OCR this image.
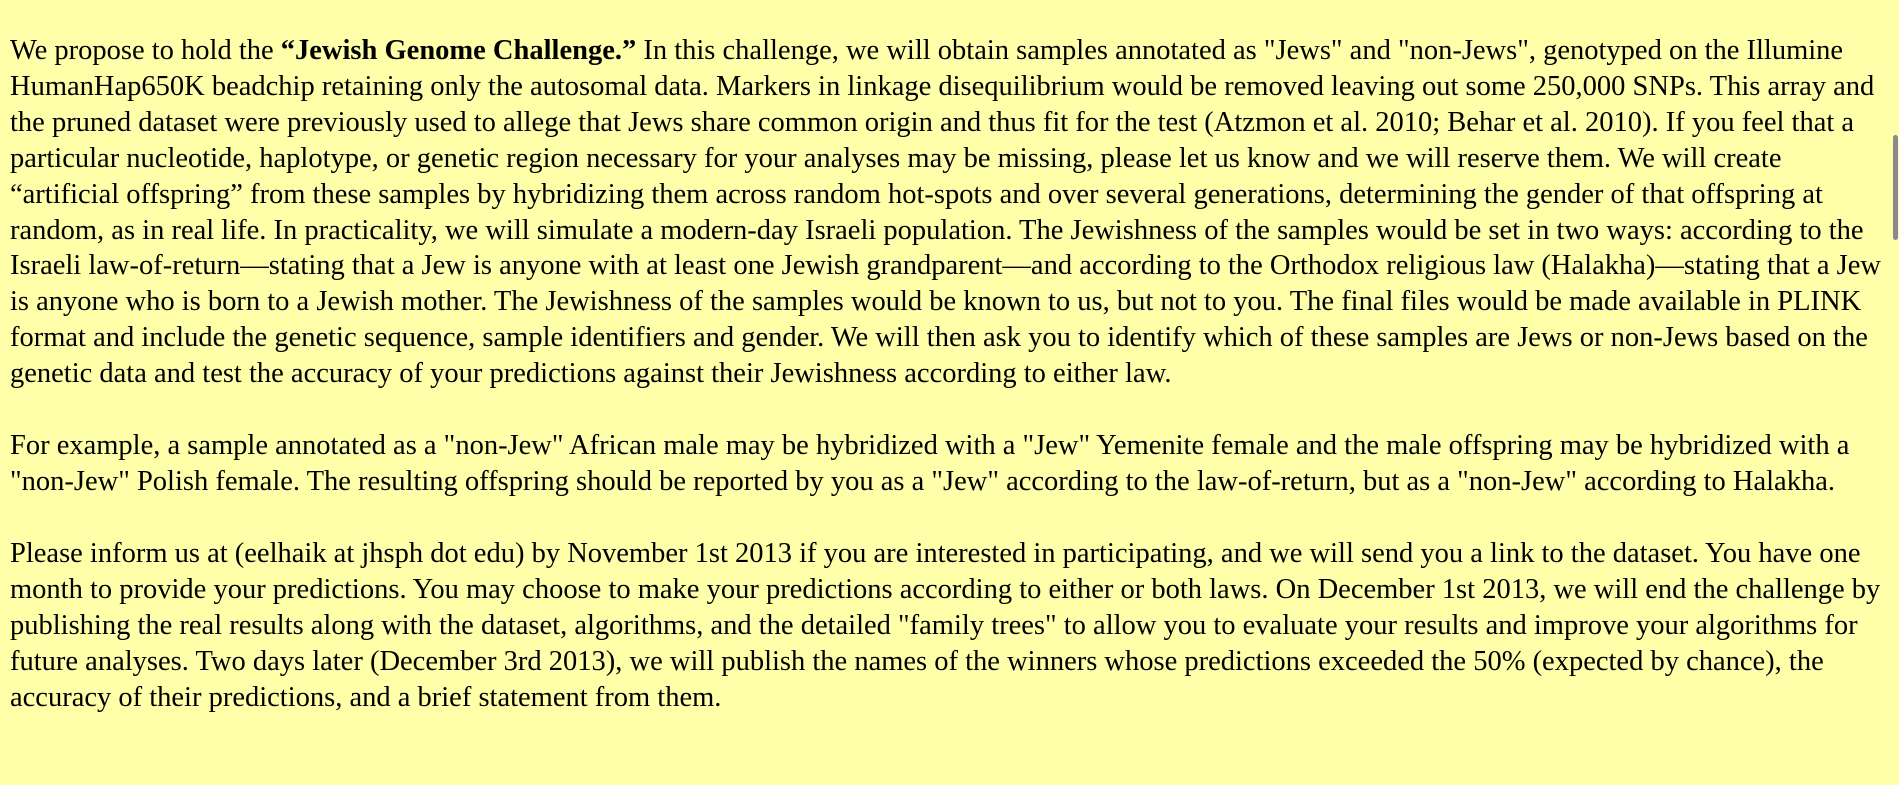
We propose to hold the “Jewish Genome Challenge.” In this challenge, we will obtain samples annotated as "Jews" and "non-Jews", genotyped on the Illumine HumanHap650K beadchip retaining only the autosomal data. Markers in linkage disequilibrium would be removed leaving out some 250,000 SNPs. This array and the pruned dataset were previously used to allege that Jews share common origin and thus fit for the test (Atzmon et al. 2010; Behar et al. 2010). If you feel that a particular nucleotide, haplotype, or genetic region necessary for your analyses may be missing, please let us know and we will reserve them. We will create “artificial offspring” from these samples by hybridizing them across random hot-spots and over several generations, determining the gender of that offspring at random, as in real life. In practicality, we will simulate a modern-day Israeli population. The Jewishness of the samples would be set in two ways: according to the Israeli law-of-return—stating that a Jew is anyone with at least one Jewish grandparent—and according to the Orthodox religious law (Halakha)—stating that a Jew is anyone who is born to a Jewish mother. The Jewishness of the samples would be known to us, but not to you. The final files would be made available in PLINK format and include the genetic sequence, sample identifiers and gender. We will then ask you to identify which of these samples are Jews or non-Jews based on the genetic data and test the accuracy of your predictions against their Jewishness according to either law.

For example, a sample annotated as a "non-Jew" African male may be hybridized with a "Jew" Yemenite female and the male offspring may be hybridized with a "non-Jew" Polish female. The resulting offspring should be reported by you as a "Jew" according to the law-of-return, but as a "non-Jew" according to Halakha.

Please inform us at (eelhaik at jhsph dot edu) by November 1st 2013 if you are interested in participating, and we will send you a link to the dataset. You have one month to provide your predictions. You may choose to make your predictions according to either or both laws. On December 1st 2013, we will end the challenge by publishing the real results along with the dataset, algorithms, and the detailed "family trees" to allow you to evaluate your results and improve your algorithms for future analyses. Two days later (December 3rd 2013), we will publish the names of the winners whose predictions exceeded the 50% (expected by chance), the accuracy of their predictions, and a brief statement from them.
